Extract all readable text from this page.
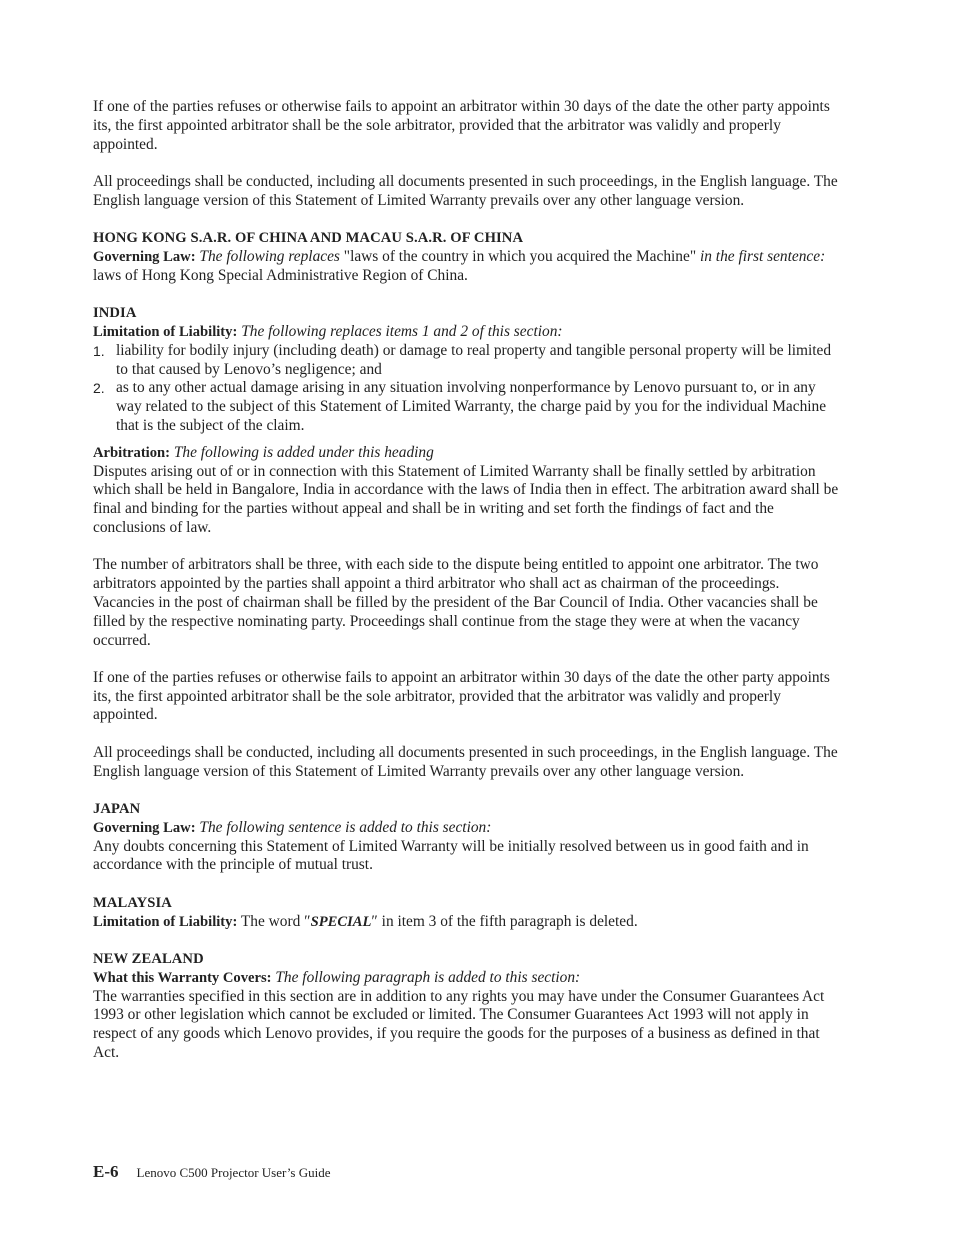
If one of the parties refuses or otherwise fails to appoint an arbitrator within 30 days of the date the other party appoints its, the first appointed arbitrator shall be the sole arbitrator, provided that the arbitrator was validly and properly appointed.

All proceedings shall be conducted, including all documents presented in such proceedings, in the English language. The English language version of this Statement of Limited Warranty prevails over any other language version.

HONG KONG S.A.R. OF CHINA AND MACAU S.A.R. OF CHINA

Governing Law: The following replaces "laws of the country in which you acquired the Machine" in the first sentence:

laws of Hong Kong Special Administrative Region of China.

INDIA

Limitation of Liability: The following replaces items 1 and 2 of this section:

1. liability for bodily injury (including death) or damage to real property and tangible personal property will be limited to that caused by Lenovo’s negligence; and
2. as to any other actual damage arising in any situation involving nonperformance by Lenovo pursuant to, or in any way related to the subject of this Statement of Limited Warranty, the charge paid by you for the individual Machine that is the subject of the claim.

Arbitration: The following is added under this heading

Disputes arising out of or in connection with this Statement of Limited Warranty shall be finally settled by arbitration which shall be held in Bangalore, India in accordance with the laws of India then in effect. The arbitration award shall be final and binding for the parties without appeal and shall be in writing and set forth the findings of fact and the conclusions of law.

The number of arbitrators shall be three, with each side to the dispute being entitled to appoint one arbitrator. The two arbitrators appointed by the parties shall appoint a third arbitrator who shall act as chairman of the proceedings. Vacancies in the post of chairman shall be filled by the president of the Bar Council of India. Other vacancies shall be filled by the respective nominating party. Proceedings shall continue from the stage they were at when the vacancy occurred.

If one of the parties refuses or otherwise fails to appoint an arbitrator within 30 days of the date the other party appoints its, the first appointed arbitrator shall be the sole arbitrator, provided that the arbitrator was validly and properly appointed.

All proceedings shall be conducted, including all documents presented in such proceedings, in the English language. The English language version of this Statement of Limited Warranty prevails over any other language version.

JAPAN

Governing Law: The following sentence is added to this section:

Any doubts concerning this Statement of Limited Warranty will be initially resolved between us in good faith and in accordance with the principle of mutual trust.

MALAYSIA

Limitation of Liability: The word ″SPECIAL″ in item 3 of the fifth paragraph is deleted.

NEW ZEALAND

What this Warranty Covers: The following paragraph is added to this section:

The warranties specified in this section are in addition to any rights you may have under the Consumer Guarantees Act 1993 or other legislation which cannot be excluded or limited. The Consumer Guarantees Act 1993 will not apply in respect of any goods which Lenovo provides, if you require the goods for the purposes of a business as defined in that Act.

E-6 Lenovo C500 Projector User’s Guide
